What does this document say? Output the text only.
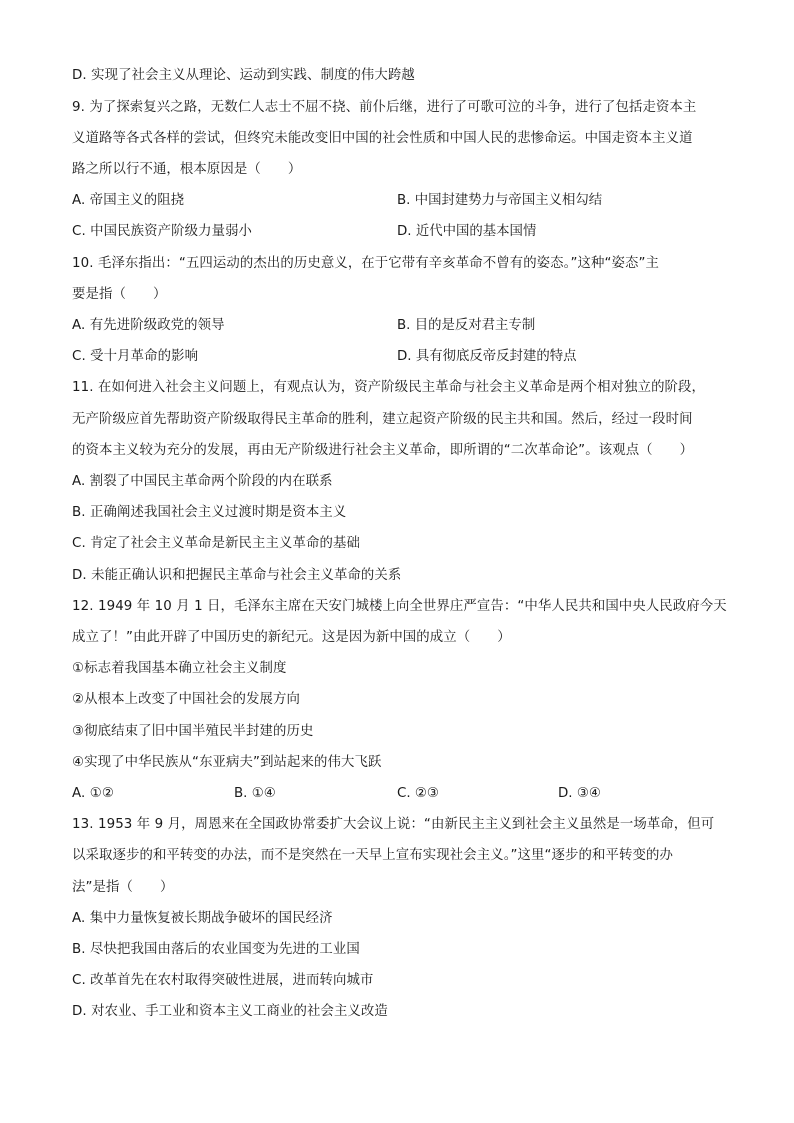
D. 实现了社会主义从理论、运动到实践、制度的伟大跨越
9. 为了探索复兴之路，无数仁人志士不屈不挠、前仆后继，进行了可歌可泣的斗争，进行了包括走资本主
义道路等各式各样的尝试，但终究未能改变旧中国的社会性质和中国人民的悲惨命运。中国走资本主义道
路之所以行不通，根本原因是（　　）
A. 帝国主义的阻挠	B. 中国封建势力与帝国主义相勾结
C. 中国民族资产阶级力量弱小	D. 近代中国的基本国情
10. 毛泽东指出：“五四运动的杰出的历史意义，在于它带有辛亥革命不曾有的姿态。”这种“姿态”主
要是指（　　）
A. 有先进阶级政党的领导	B. 目的是反对君主专制
C. 受十月革命的影响	D. 具有彻底反帝反封建的特点
11. 在如何进入社会主义问题上，有观点认为，资产阶级民主革命与社会主义革命是两个相对独立的阶段，
无产阶级应首先帮助资产阶级取得民主革命的胜利，建立起资产阶级的民主共和国。然后，经过一段时间
的资本主义较为充分的发展，再由无产阶级进行社会主义革命，即所谓的“二次革命论”。该观点（　　）
A. 割裂了中国民主革命两个阶段的内在联系
B. 正确阐述我国社会主义过渡时期是资本主义
C. 肯定了社会主义革命是新民主主义革命的基础
D. 未能正确认识和把握民主革命与社会主义革命的关系
12. 1949 年 10 月 1 日，毛泽东主席在天安门城楼上向全世界庄严宣告：“中华人民共和国中央人民政府今天
成立了！”由此开辟了中国历史的新纪元。这是因为新中国的成立（　　）
①标志着我国基本确立社会主义制度
②从根本上改变了中国社会的发展方向
③彻底结束了旧中国半殖民半封建的历史
④实现了中华民族从“东亚病夫”到站起来的伟大飞跃
A. ①②	B. ①④	C. ②③	D. ③④
13. 1953 年 9 月，周恩来在全国政协常委扩大会议上说：“由新民主主义到社会主义虽然是一场革命，但可
以采取逐步的和平转变的办法，而不是突然在一天早上宣布实现社会主义。”这里“逐步的和平转变的办
法”是指（　　）
A. 集中力量恢复被长期战争破坏的国民经济
B. 尽快把我国由落后的农业国变为先进的工业国
C. 改革首先在农村取得突破性进展，进而转向城市
D. 对农业、手工业和资本主义工商业的社会主义改造
